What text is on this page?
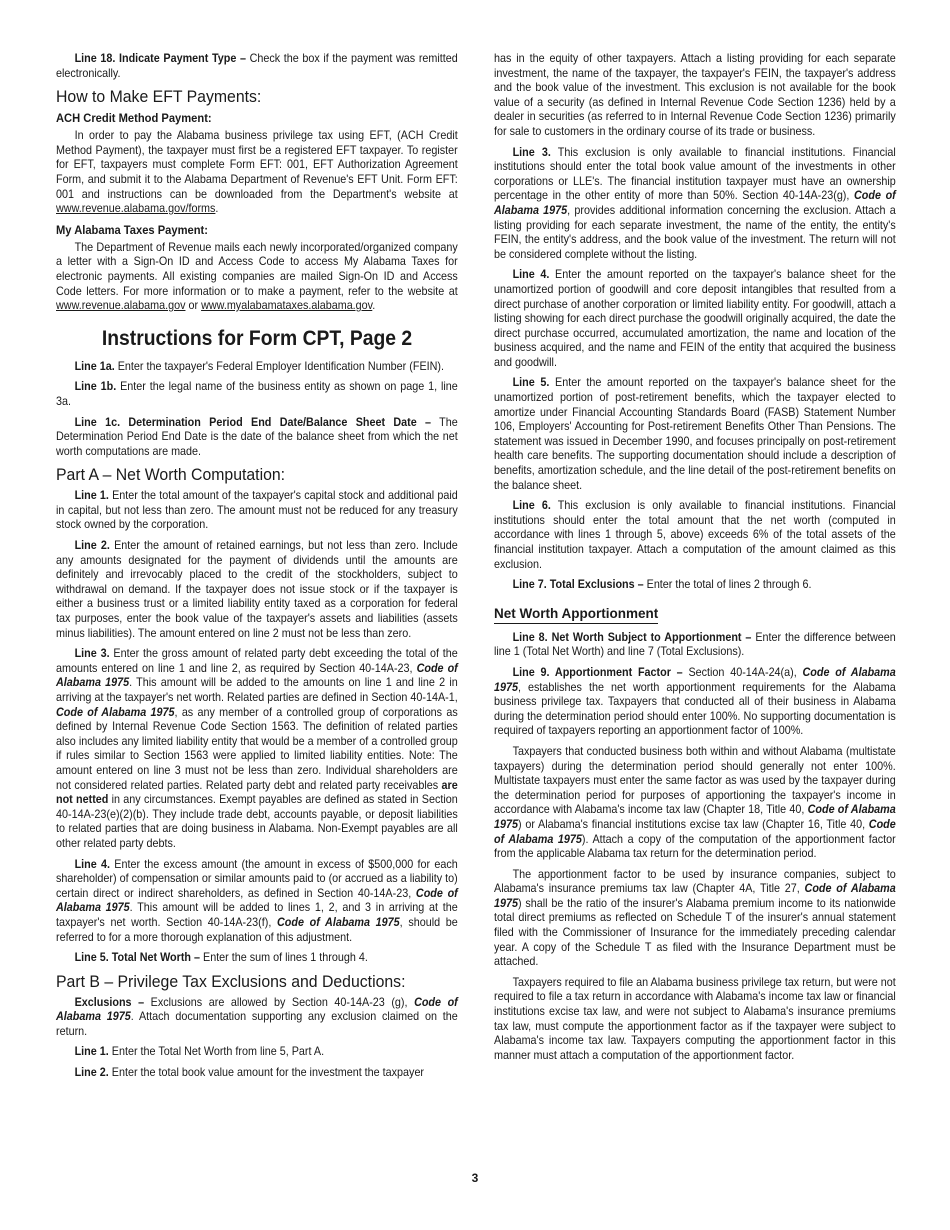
Line 18. Indicate Payment Type – Check the box if the payment was remitted electronically.

How to Make EFT Payments:
ACH Credit Method Payment:

In order to pay the Alabama business privilege tax using EFT, (ACH Credit Method Payment), the taxpayer must first be a registered EFT taxpayer. To register for EFT, taxpayers must complete Form EFT: 001, EFT Authorization Agreement Form, and submit it to the Alabama Department of Revenue's EFT Unit. Form EFT: 001 and instructions can be downloaded from the Department's website at www.revenue.alabama.gov/forms.

My Alabama Taxes Payment:

The Department of Revenue mails each newly incorporated/organized company a letter with a Sign-On ID and Access Code to access My Alabama Taxes for electronic payments. All existing companies are mailed Sign-On ID and Access Code letters. For more information or to make a payment, refer to the website at www.revenue.alabama.gov or www.myalabamataxes.alabama.gov.

Instructions for Form CPT, Page 2

Line 1a. Enter the taxpayer's Federal Employer Identification Number (FEIN).

Line 1b. Enter the legal name of the business entity as shown on page 1, line 3a.

Line 1c. Determination Period End Date/Balance Sheet Date – The Determination Period End Date is the date of the balance sheet from which the net worth computations are made.

Part A – Net Worth Computation:

Line 1. Enter the total amount of the taxpayer's capital stock and additional paid in capital, but not less than zero. The amount must not be reduced for any treasury stock owned by the corporation.

Line 2. Enter the amount of retained earnings, but not less than zero. Include any amounts designated for the payment of dividends until the amounts are definitely and irrevocably placed to the credit of the stockholders, subject to withdrawal on demand. If the taxpayer does not issue stock or if the taxpayer is either a business trust or a limited liability entity taxed as a corporation for federal tax purposes, enter the book value of the taxpayer's assets and liabilities (assets minus liabilities). The amount entered on line 2 must not be less than zero.

Line 3. Enter the gross amount of related party debt exceeding the total of the amounts entered on line 1 and line 2, as required by Section 40-14A-23, Code of Alabama 1975. This amount will be added to the amounts on line 1 and line 2 in arriving at the taxpayer's net worth. Related parties are defined in Section 40-14A-1, Code of Alabama 1975, as any member of a controlled group of corporations as defined by Internal Revenue Code Section 1563. The definition of related parties also includes any limited liability entity that would be a member of a controlled group if rules similar to Section 1563 were applied to limited liability entities. Note: The amount entered on line 3 must not be less than zero. Individual shareholders are not considered related parties. Related party debt and related party receivables are not netted in any circumstances. Exempt payables are defined as stated in Section 40-14A-23(e)(2)(b). They include trade debt, accounts payable, or deposit liabilities to related parties that are doing business in Alabama. Non-Exempt payables are all other related party debts.

Line 4. Enter the excess amount (the amount in excess of $500,000 for each shareholder) of compensation or similar amounts paid to (or accrued as a liability to) certain direct or indirect shareholders, as defined in Section 40-14A-23, Code of Alabama 1975. This amount will be added to lines 1, 2, and 3 in arriving at the taxpayer's net worth. Section 40-14A-23(f), Code of Alabama 1975, should be referred to for a more thorough explanation of this adjustment.

Line 5. Total Net Worth – Enter the sum of lines 1 through 4.

Part B – Privilege Tax Exclusions and Deductions:

Exclusions – Exclusions are allowed by Section 40-14A-23 (g), Code of Alabama 1975. Attach documentation supporting any exclusion claimed on the return.

Line 1. Enter the Total Net Worth from line 5, Part A.

Line 2. Enter the total book value amount for the investment the taxpayer

has in the equity of other taxpayers. Attach a listing providing for each separate investment, the name of the taxpayer, the taxpayer's FEIN, the taxpayer's address and the book value of the investment. This exclusion is not available for the book value of a security (as defined in Internal Revenue Code Section 1236) held by a dealer in securities (as referred to in Internal Revenue Code Section 1236) primarily for sale to customers in the ordinary course of its trade or business.

Line 3. This exclusion is only available to financial institutions. Financial institutions should enter the total book value amount of the investments in other corporations or LLE's. The financial institution taxpayer must have an ownership percentage in the other entity of more than 50%. Section 40-14A-23(g), Code of Alabama 1975, provides additional information concerning the exclusion. Attach a listing providing for each separate investment, the name of the entity, the entity's FEIN, the entity's address, and the book value of the investment. The return will not be considered complete without the listing.

Line 4. Enter the amount reported on the taxpayer's balance sheet for the unamortized portion of goodwill and core deposit intangibles that resulted from a direct purchase of another corporation or limited liability entity. For goodwill, attach a listing showing for each direct purchase the goodwill originally acquired, the date the direct purchase occurred, accumulated amortization, the name and location of the business acquired, and the name and FEIN of the entity that acquired the business and goodwill.

Line 5. Enter the amount reported on the taxpayer's balance sheet for the unamortized portion of post-retirement benefits, which the taxpayer elected to amortize under Financial Accounting Standards Board (FASB) Statement Number 106, Employers' Accounting for Post-retirement Benefits Other Than Pensions. The statement was issued in December 1990, and focuses principally on post-retirement health care benefits. The supporting documentation should include a description of benefits, amortization schedule, and the line detail of the post-retirement benefits on the balance sheet.

Line 6. This exclusion is only available to financial institutions. Financial institutions should enter the total amount that the net worth (computed in accordance with lines 1 through 5, above) exceeds 6% of the total assets of the financial institution taxpayer. Attach a computation of the amount claimed as this exclusion.

Line 7. Total Exclusions – Enter the total of lines 2 through 6.

Net Worth Apportionment

Line 8. Net Worth Subject to Apportionment – Enter the difference between line 1 (Total Net Worth) and line 7 (Total Exclusions).

Line 9. Apportionment Factor – Section 40-14A-24(a), Code of Alabama 1975, establishes the net worth apportionment requirements for the Alabama business privilege tax. Taxpayers that conducted all of their business in Alabama during the determination period should enter 100%. No supporting documentation is required of taxpayers reporting an apportionment factor of 100%.

Taxpayers that conducted business both within and without Alabama (multistate taxpayers) during the determination period should generally not enter 100%. Multistate taxpayers must enter the same factor as was used by the taxpayer during the determination period for purposes of apportioning the taxpayer's income in accordance with Alabama's income tax law (Chapter 18, Title 40, Code of Alabama 1975) or Alabama's financial institutions excise tax law (Chapter 16, Title 40, Code of Alabama 1975). Attach a copy of the computation of the apportionment factor from the applicable Alabama tax return for the determination period.

The apportionment factor to be used by insurance companies, subject to Alabama's insurance premiums tax law (Chapter 4A, Title 27, Code of Alabama 1975) shall be the ratio of the insurer's Alabama premium income to its nationwide total direct premiums as reflected on Schedule T of the insurer's annual statement filed with the Commissioner of Insurance for the immediately preceding calendar year. A copy of the Schedule T as filed with the Insurance Department must be attached.

Taxpayers required to file an Alabama business privilege tax return, but were not required to file a tax return in accordance with Alabama's income tax law or financial institutions excise tax law, and were not subject to Alabama's insurance premiums tax law, must compute the apportionment factor as if the taxpayer were subject to Alabama's income tax law. Taxpayers computing the apportionment factor in this manner must attach a computation of the apportionment factor.

3
